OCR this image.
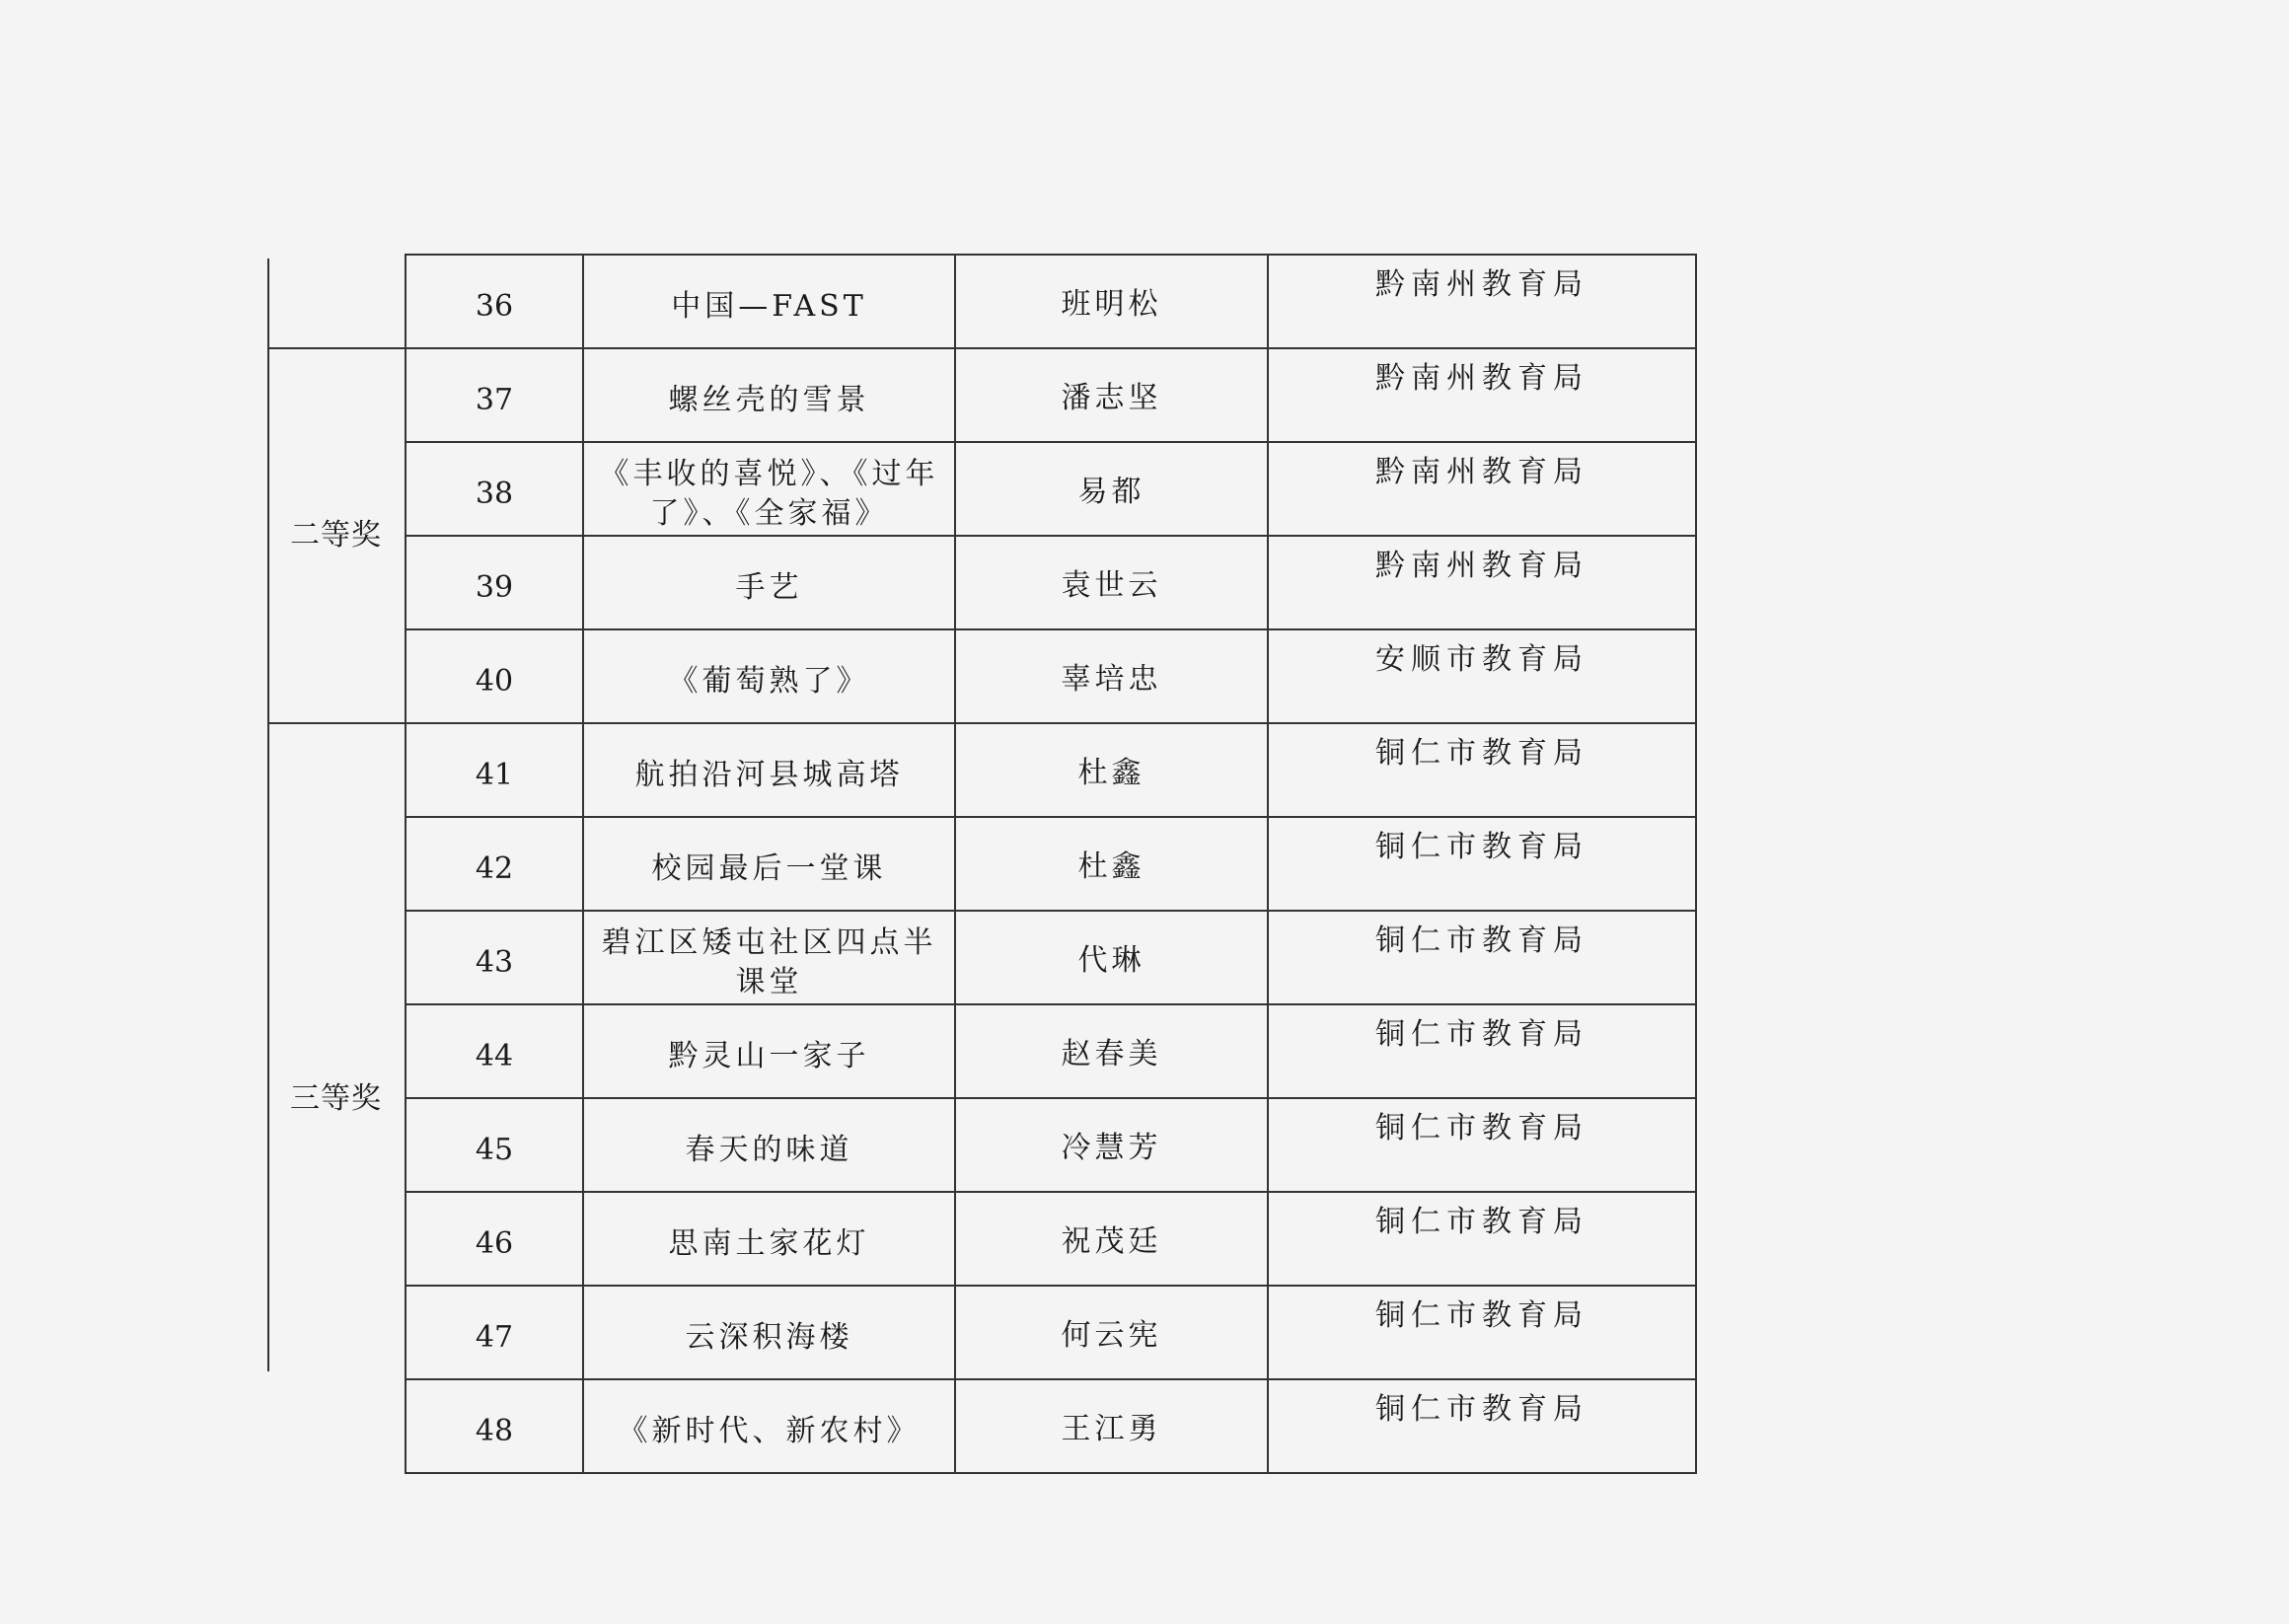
	36	中国—FAST	班明松	黔南州教育局
二等奖	37	螺丝壳的雪景	潘志坚	黔南州教育局
	38	《丰收的喜悦》、《过年了》、《全家福》	易都	黔南州教育局
	39	手艺	袁世云	黔南州教育局
	40	《葡萄熟了》	辜培忠	安顺市教育局
三等奖	41	航拍沿河县城高塔	杜鑫	铜仁市教育局
	42	校园最后一堂课	杜鑫	铜仁市教育局
	43	碧江区矮屯社区四点半课堂	代琳	铜仁市教育局
	44	黔灵山一家子	赵春美	铜仁市教育局
	45	春天的味道	冷慧芳	铜仁市教育局
	46	思南土家花灯	祝茂廷	铜仁市教育局
	47	云深积海楼	何云宪	铜仁市教育局
	48	《新时代、新农村》	王江勇	铜仁市教育局
